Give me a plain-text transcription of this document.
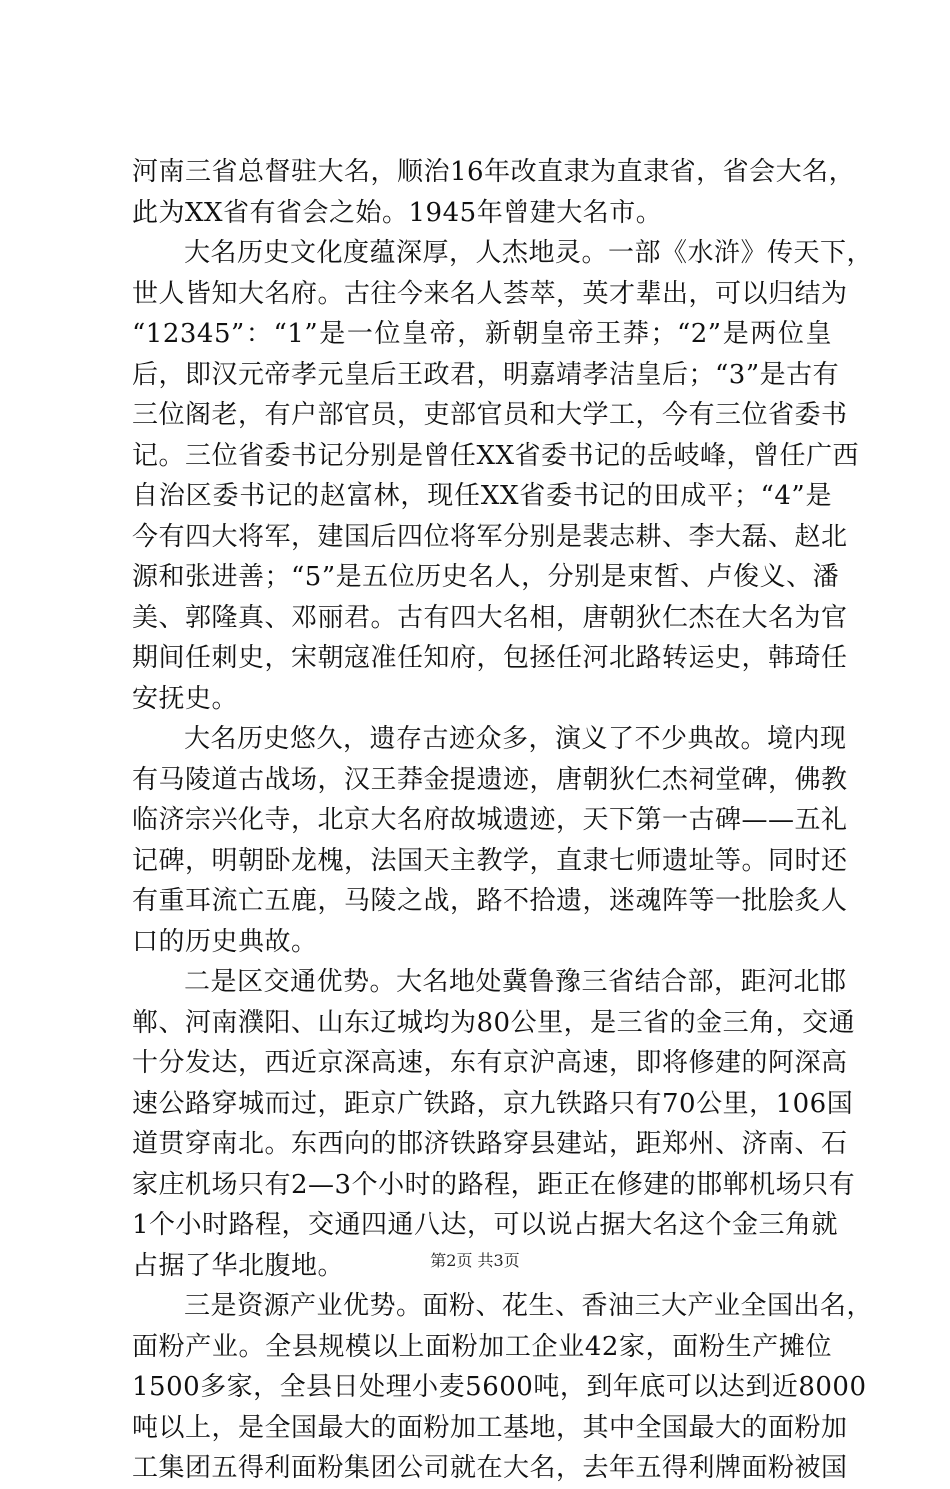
河南三省总督驻大名，顺治16年改直隶为直隶省，省会大名，
此为XX省有省会之始。1945年曾建大名市。
大名历史文化度蕴深厚，人杰地灵。一部《水浒》传天下，
世人皆知大名府。古往今来名人荟萃，英才辈出，可以归结为
“12345”：“1”是一位皇帝，新朝皇帝王莽；“2”是两位皇
后，即汉元帝孝元皇后王政君，明嘉靖孝洁皇后；“3”是古有
三位阁老，有户部官员，吏部官员和大学工，今有三位省委书
记。三位省委书记分别是曾任XX省委书记的岳岐峰，曾任广西
自治区委书记的赵富林，现任XX省委书记的田成平；“4”是
今有四大将军，建国后四位将军分别是裴志耕、李大磊、赵北
源和张进善；“5”是五位历史名人，分别是束皙、卢俊义、潘
美、郭隆真、邓丽君。古有四大名相，唐朝狄仁杰在大名为官
期间任刺史，宋朝寇准任知府，包拯任河北路转运史，韩琦任
安抚史。
大名历史悠久，遗存古迹众多，演义了不少典故。境内现
有马陵道古战场，汉王莽金提遗迹，唐朝狄仁杰祠堂碑，佛教
临济宗兴化寺，北京大名府故城遗迹，天下第一古碑——五礼
记碑，明朝卧龙槐，法国天主教学，直隶七师遗址等。同时还
有重耳流亡五鹿，马陵之战，路不拾遗，迷魂阵等一批脍炙人
口的历史典故。
二是区交通优势。大名地处冀鲁豫三省结合部，距河北邯
郸、河南濮阳、山东辽城均为80公里，是三省的金三角，交通
十分发达，西近京深高速，东有京沪高速，即将修建的阿深高
速公路穿城而过，距京广铁路，京九铁路只有70公里，106国
道贯穿南北。东西向的邯济铁路穿县建站，距郑州、济南、石
家庄机场只有2—3个小时的路程，距正在修建的邯郸机场只有
1个小时路程，交通四通八达，可以说占据大名这个金三角就
占据了华北腹地。
三是资源产业优势。面粉、花生、香油三大产业全国出名，
面粉产业。全县规模以上面粉加工企业42家，面粉生产摊位
1500多家，全县日处理小麦5600吨，到年底可以达到近8000
吨以上，是全国最大的面粉加工基地，其中全国最大的面粉加
工集团五得利面粉集团公司就在大名，去年五得利牌面粉被国
第2页 共3页
